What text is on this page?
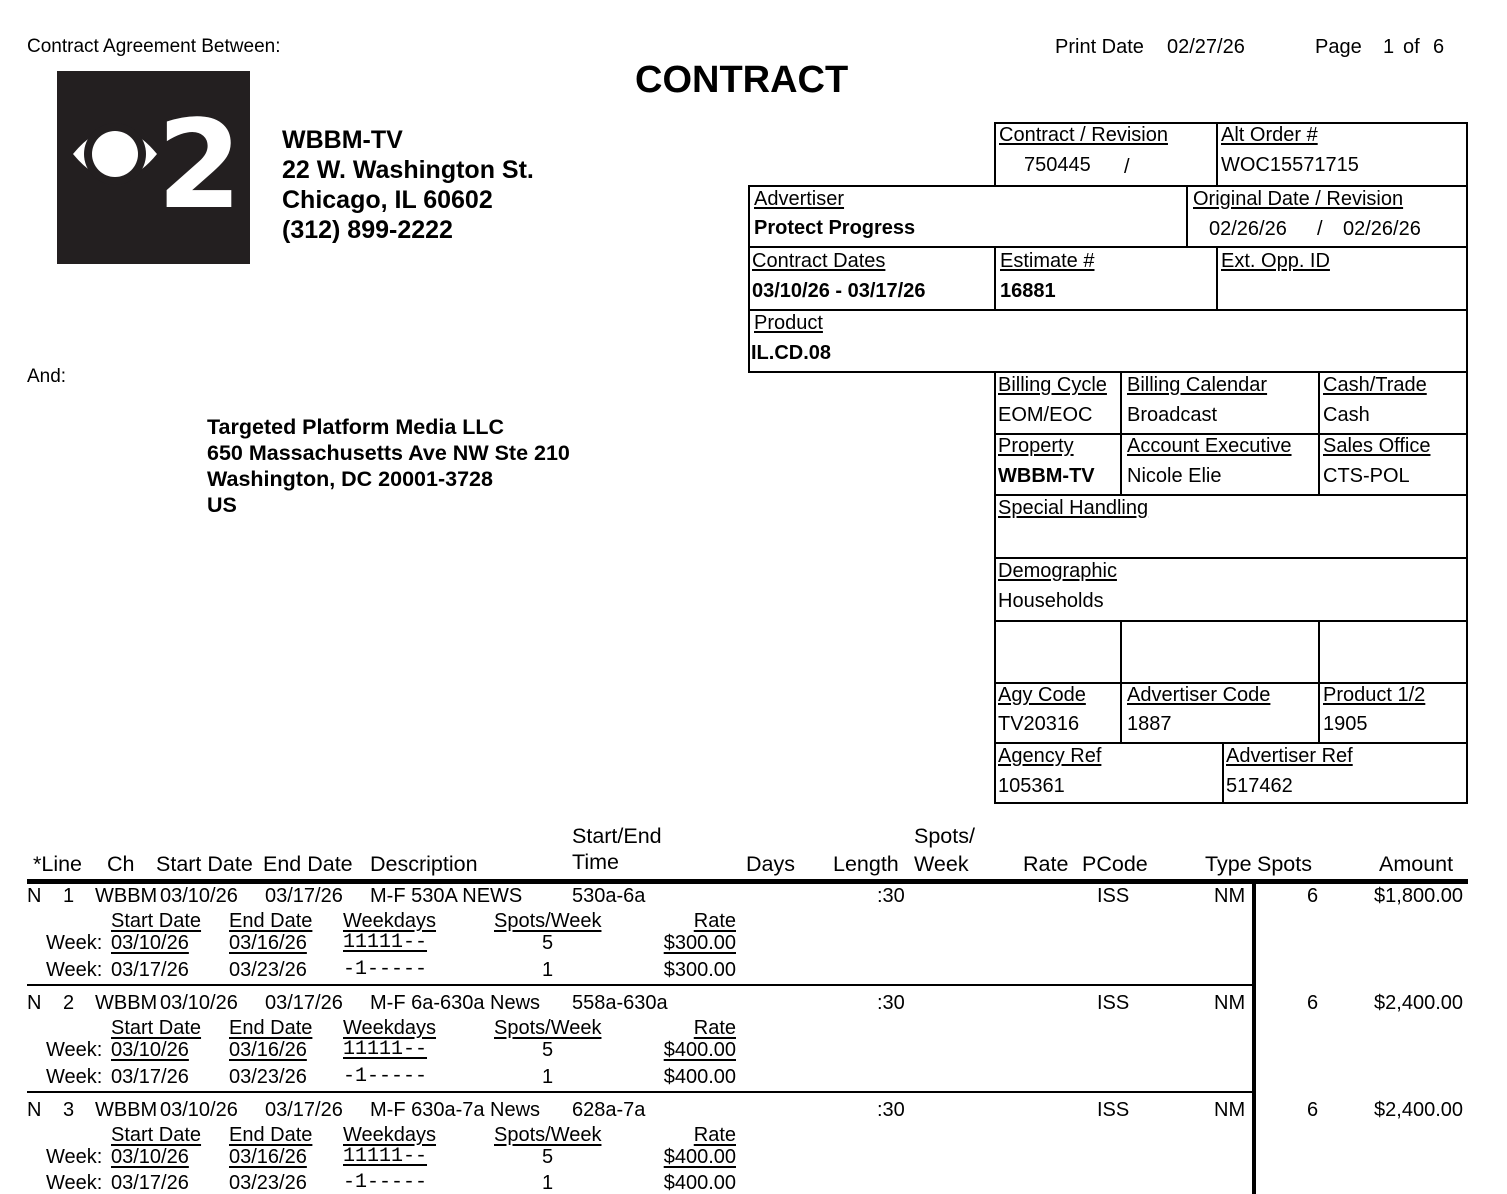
Contract Agreement Between:	Print Date 02/27/26	Page 1 of 6
CONTRACT
2 WBBM-TV
22 W. Washington St.
Chicago, IL 60602
(312) 899-2222
And:
Targeted Platform Media LLC
650 Massachusetts Ave NW Ste 210
Washington, DC 20001-3728
US
Contract / Revision
750445 /
Alt Order #
WOC15571715
Advertiser
Protect Progress
Original Date / Revision
02/26/26 / 02/26/26
Contract Dates
03/10/26 - 03/17/26
Estimate #
16881
Ext. Opp. ID
Product
IL.CD.08
Billing Cycle
EOM/EOC
Billing Calendar
Broadcast
Cash/Trade
Cash
Property
WBBM-TV
Account Executive
Nicole Elie
Sales Office
CTS-POL
Special Handling
Demographic
Households
Agy Code
TV20316
Advertiser Code
1887
Product 1/2
1905
Agency Ref
105361
Advertiser Ref
517462
*Line Ch Start Date End Date Description
Start/End
Time	Days Length
Spots/
Week	Rate PCode	Type Spots	Amount
N 1 WBBM 03/10/26 03/17/26 M-F 530A NEWS 530a-6a	:30	ISS	NM	6	$1,800.00
Start Date End Date Weekdays	Spots/Week	Rate
Week: 03/10/26 03/16/26 11111--	5	$300.00
Week: 03/17/26 03/23/26 -1-----	1	$300.00
N 2 WBBM 03/10/26 03/17/26 M-F 6a-630a News 558a-630a	:30	ISS	NM	6	$2,400.00
Start Date End Date Weekdays	Spots/Week	Rate
Week: 03/10/26 03/16/26 11111--	5	$400.00
Week: 03/17/26 03/23/26 -1-----	1	$400.00
N 3 WBBM 03/10/26 03/17/26 M-F 630a-7a News 628a-7a	:30	ISS	NM	6	$2,400.00
Start Date End Date Weekdays	Spots/Week	Rate
Week: 03/10/26 03/16/26 11111--	5	$400.00
Week: 03/17/26 03/23/26 -1-----	1	$400.00
